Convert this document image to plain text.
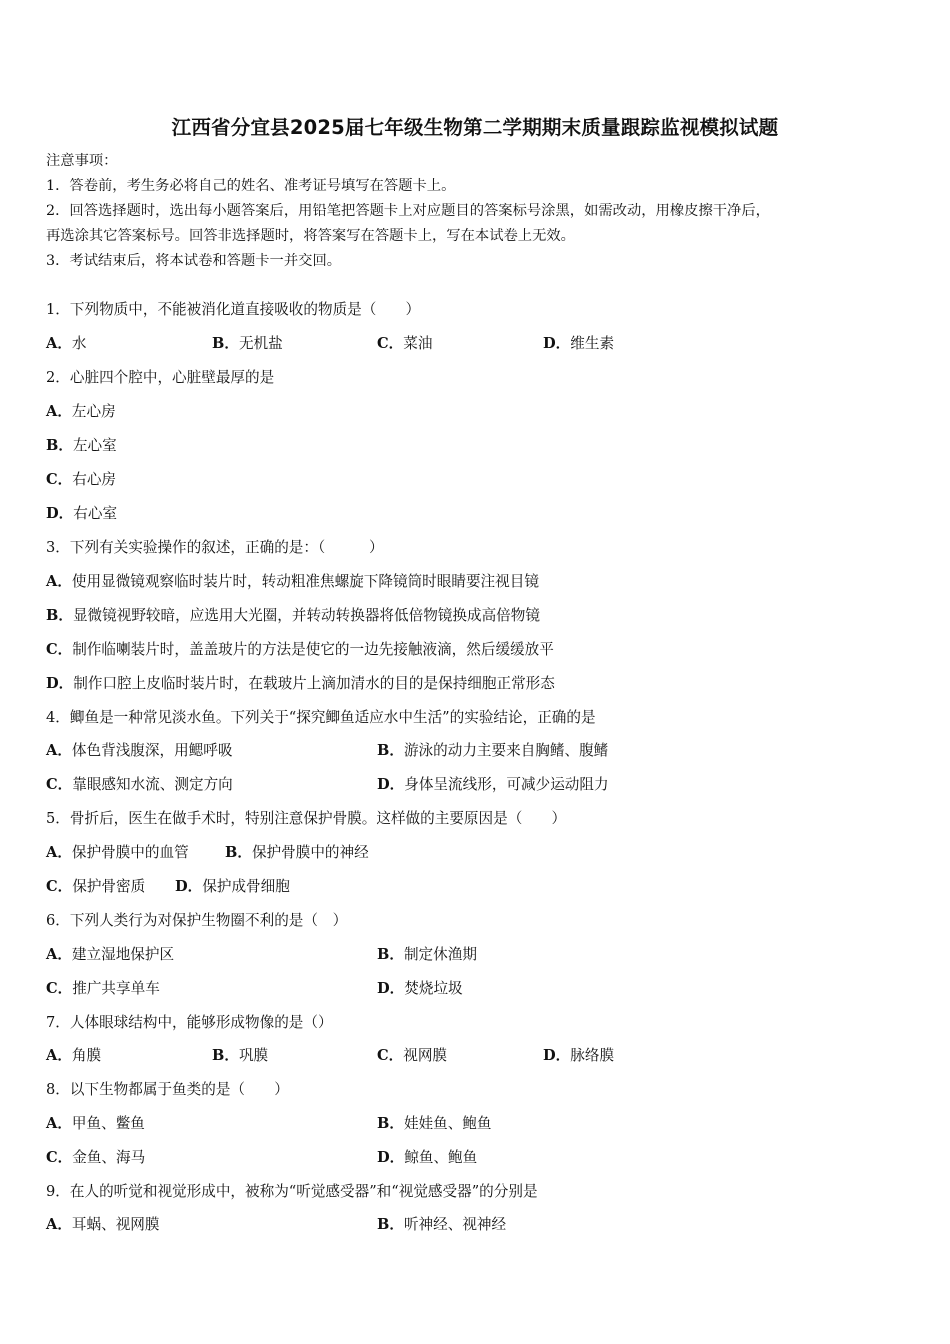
江西省分宜县2025届七年级生物第二学期期末质量跟踪监视模拟试题
注意事项：
1．答卷前，考生务必将自己的姓名、准考证号填写在答题卡上。
2．回答选择题时，选出每小题答案后，用铅笔把答题卡上对应题目的答案标号涂黑，如需改动，用橡皮擦干净后，
再选涂其它答案标号。回答非选择题时，将答案写在答题卡上，写在本试卷上无效。
3．考试结束后，将本试卷和答题卡一并交回。
1．下列物质中，不能被消化道直接吸收的物质是（　　）
A．水	B．无机盐	C．菜油	D．维生素
2．心脏四个腔中，心脏壁最厚的是
A．左心房
B．左心室
C．右心房
D．右心室
3．下列有关实验操作的叙述，正确的是：（　　　）
A．使用显微镜观察临时装片时，转动粗准焦螺旋下降镜筒时眼睛要注视目镜
B．显微镜视野较暗，应选用大光圈，并转动转换器将低倍物镜换成高倍物镜
C．制作临喇装片时，盖盖玻片的方法是使它的一边先接触液滴，然后缓缓放平
D．制作口腔上皮临时装片时，在载玻片上滴加清水的目的是保持细胞正常形态
4．鲫鱼是一种常见淡水鱼。下列关于“探究鲫鱼适应水中生活”的实验结论，正确的是
A．体色背浅腹深，用鳃呼吸	B．游泳的动力主要来自胸鳍、腹鳍
C．靠眼感知水流、测定方向	D．身体呈流线形，可减少运动阻力
5．骨折后，医生在做手术时，特别注意保护骨膜。这样做的主要原因是（　　）
A．保护骨膜中的血管 B．保护骨膜中的神经
C．保护骨密质 D．保护成骨细胞
6．下列人类行为对保护生物圈不利的是（　）
A．建立湿地保护区	B．制定休渔期
C．推广共享单车	D．焚烧垃圾
7．人体眼球结构中，能够形成物像的是（）
A．角膜	B．巩膜	C．视网膜	D．脉络膜
8．以下生物都属于鱼类的是（　　）
A．甲鱼、鳖鱼	B．娃娃鱼、鲍鱼
C．金鱼、海马	D．鲸鱼、鲍鱼
9．在人的听觉和视觉形成中，被称为“听觉感受器”和“视觉感受器”的分别是
A．耳蜗、视网膜	B．听神经、视神经
